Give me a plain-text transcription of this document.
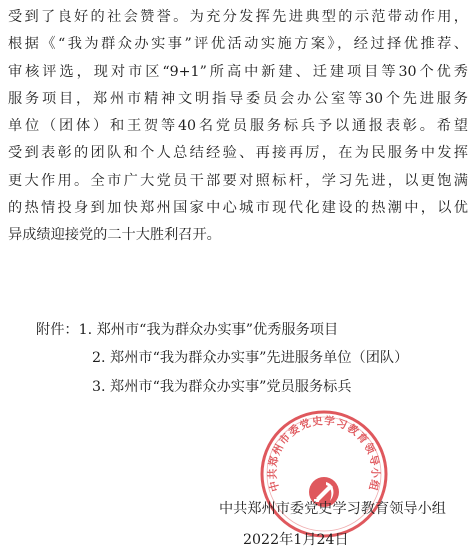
受到了良好的社会赞誉。为充分发挥先进典型的示范带动作用，
根据《“我为群众办实事”评优活动实施方案》，经过择优推荐、
审核评选，现对市区“9+1”所高中新建、迁建项目等30个优秀
服务项目，郑州市精神文明指导委员会办公室等30个先进服务
单位（团体）和王贺等40名党员服务标兵予以通报表彰。希望
受到表彰的团队和个人总结经验、再接再厉，在为民服务中发挥
更大作用。全市广大党员干部要对照标杆，学习先进，以更饱满
的热情投身到加快郑州国家中心城市现代化建设的热潮中，以优
异成绩迎接党的二十大胜利召开。
附件：1. 郑州市“我为群众办实事”优秀服务项目
2. 郑州市“我为群众办实事”先进服务单位（团队）
3. 郑州市“我为群众办实事”党员服务标兵
中共郑州市委党史学习教育领导小组
中共郑州市委党史学习教育领导小组
2022年1月24日
